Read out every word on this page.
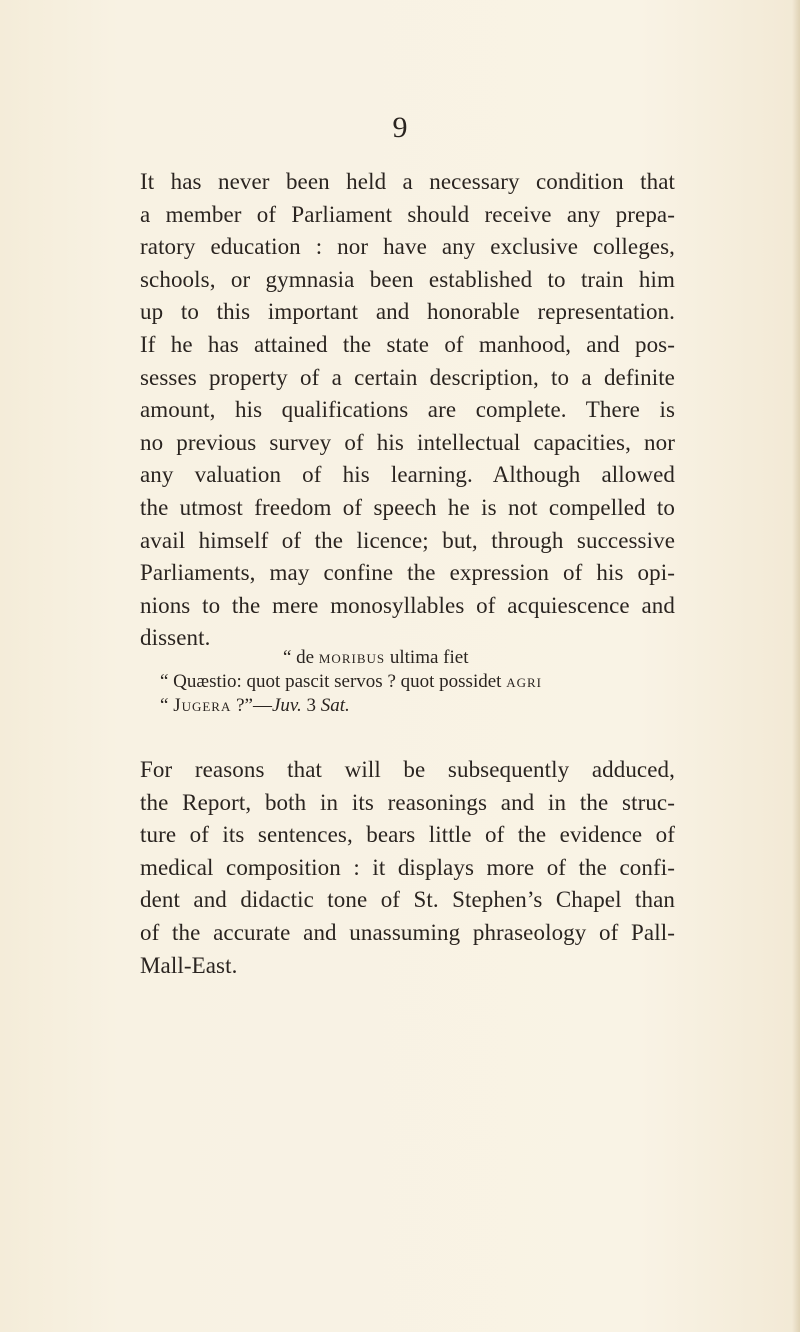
9

It has never been held a necessary condition that
a member of Parliament should receive any prepa-
ratory education : nor have any exclusive colleges,
schools, or gymnasia been established to train him
up to this important and honorable representation.
If he has attained the state of manhood, and pos-
sesses property of a certain description, to a definite
amount, his qualifications are complete. There is
no previous survey of his intellectual capacities, nor
any valuation of his learning. Although allowed
the utmost freedom of speech he is not compelled to
avail himself of the licence; but, through successive
Parliaments, may confine the expression of his opi-
nions to the mere monosyllables of acquiescence and
dissent.

“ de moribus ultima fiet
“ Quæstio: quot pascit servos ? quot possidet agri
“ Jugera ?”—Juv. 3 Sat.

For reasons that will be subsequently adduced,
the Report, both in its reasonings and in the struc-
ture of its sentences, bears little of the evidence of
medical composition : it displays more of the confi-
dent and didactic tone of St. Stephen’s Chapel than
of the accurate and unassuming phraseology of Pall-
Mall-East.
